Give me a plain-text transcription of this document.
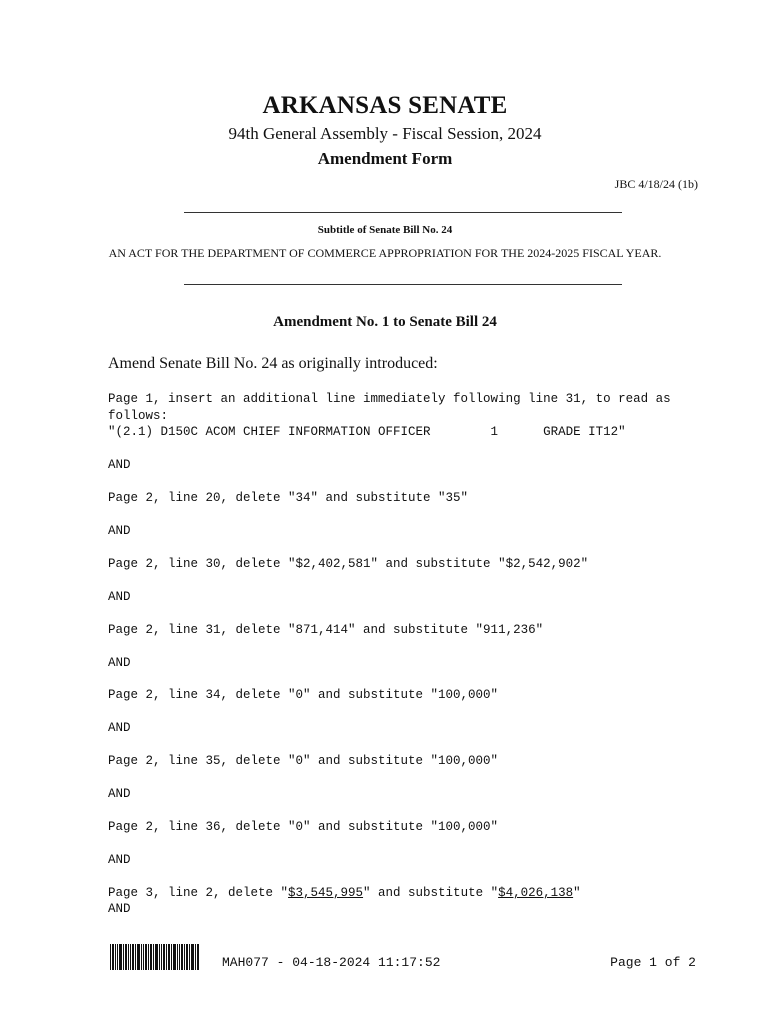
ARKANSAS SENATE
94th General Assembly - Fiscal Session, 2024
Amendment Form
JBC 4/18/24 (1b)
Subtitle of Senate Bill No. 24
AN ACT FOR THE DEPARTMENT OF COMMERCE APPROPRIATION FOR THE 2024-2025 FISCAL YEAR.
Amendment No. 1 to Senate Bill 24
Amend Senate Bill No. 24 as originally introduced:
Page 1, insert an additional line immediately following line 31, to read as
follows:
"(2.1) D150C ACOM CHIEF INFORMATION OFFICER        1      GRADE IT12"
AND
Page 2, line 20, delete "34" and substitute "35"
AND
Page 2, line 30, delete "$2,402,581" and substitute "$2,542,902"
AND
Page 2, line 31, delete "871,414" and substitute "911,236"
AND
Page 2, line 34, delete "0" and substitute "100,000"
AND
Page 2, line 35, delete "0" and substitute "100,000"
AND
Page 2, line 36, delete "0" and substitute "100,000"
AND
Page 3, line 2, delete "$3,545,995" and substitute "$4,026,138"
AND
MAH077 - 04-18-2024 11:17:52	Page 1 of 2
